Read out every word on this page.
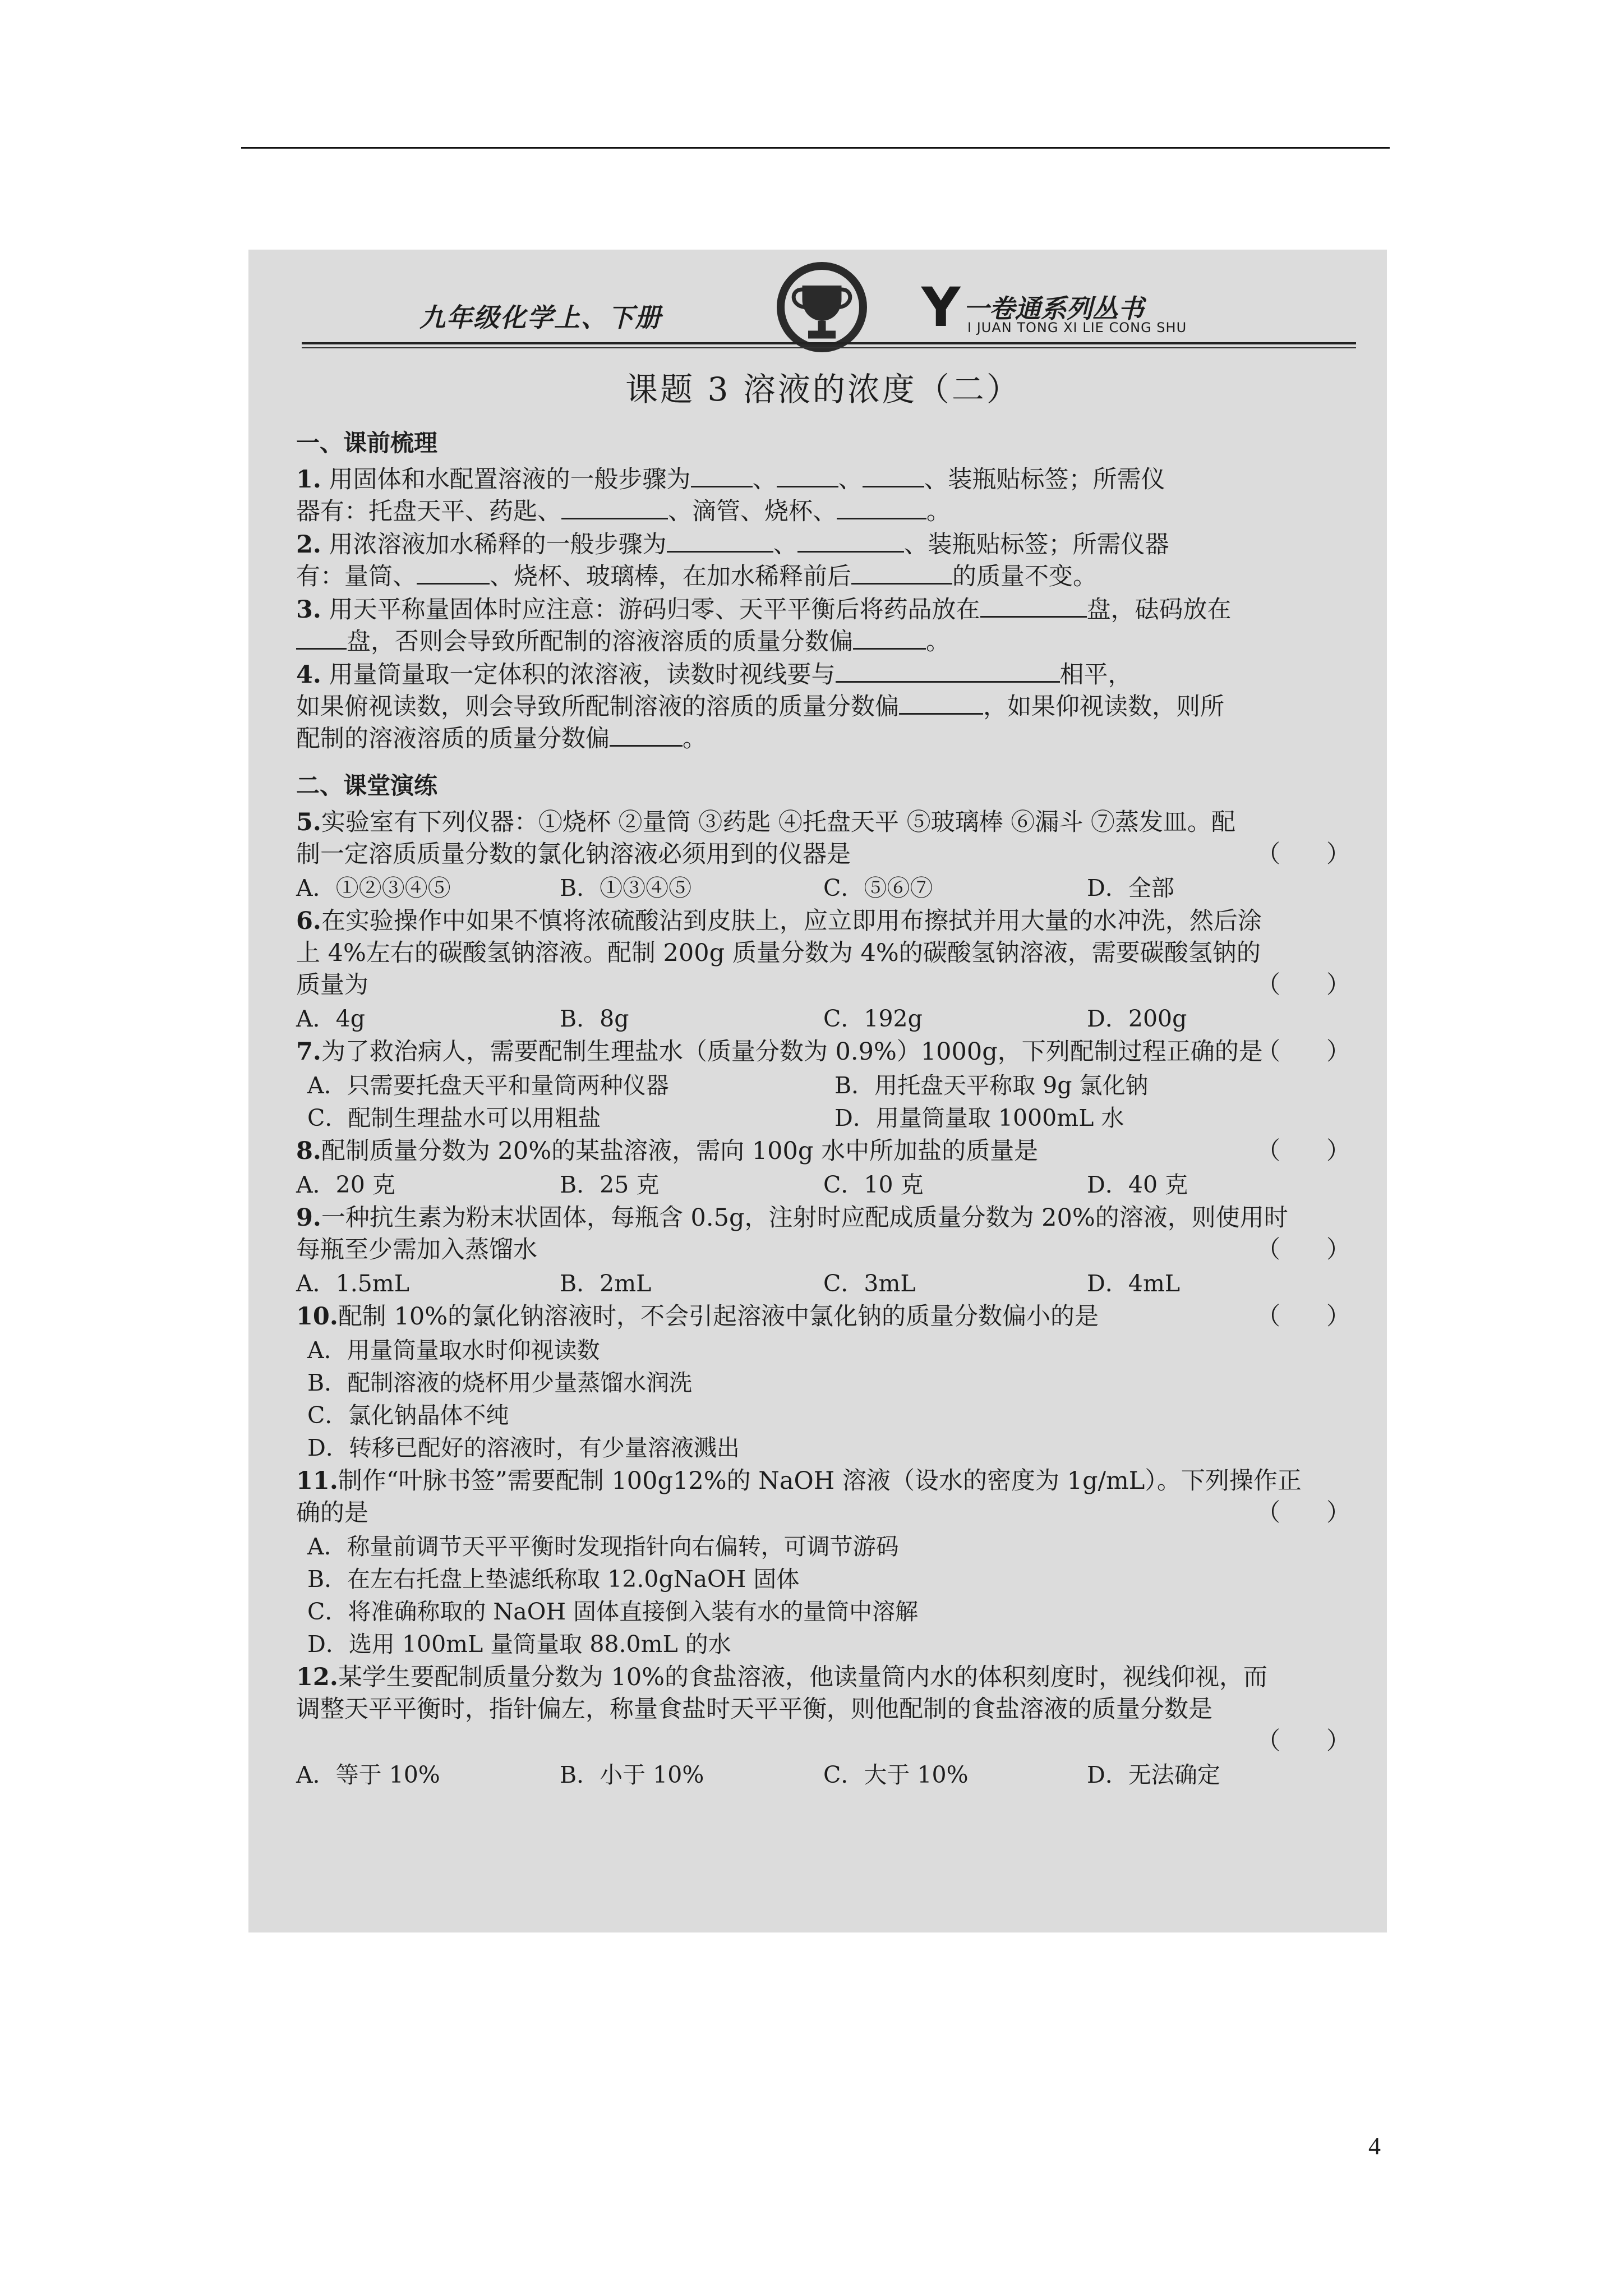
九年级化学上、下册	Y 一卷通系列丛书
I JUAN TONG XI LIE CONG SHU
课题 3 溶液的浓度（二）
一、课前梳理
1. 用固体和水配置溶液的一般步骤为	、	、	、装瓶贴标签；所需仪
器有：托盘天平、药匙、	、滴管、烧杯、	。
2. 用浓溶液加水稀释的一般步骤为	、	、装瓶贴标签；所需仪器
有：量筒、	、烧杯、玻璃棒，在加水稀释前后	的质量不变。
3. 用天平称量固体时应注意：游码归零、天平平衡后将药品放在	盘，砝码放在
盘，否则会导致所配制的溶液溶质的质量分数偏	。
4. 用量筒量取一定体积的浓溶液，读数时视线要与	相平，
如果俯视读数，则会导致所配制溶液的溶质的质量分数偏	，如果仰视读数，则所
配制的溶液溶质的质量分数偏	。
二、课堂演练
5.实验室有下列仪器：①烧杯 ②量筒 ③药匙 ④托盘天平 ⑤玻璃棒 ⑥漏斗 ⑦蒸发皿。配
制一定溶质质量分数的氯化钠溶液必须用到的仪器是	（      ）
A．①②③④⑤	B．①③④⑤	C．⑤⑥⑦	D．全部
6.在实验操作中如果不慎将浓硫酸沾到皮肤上，应立即用布擦拭并用大量的水冲洗，然后涂
上 4%左右的碳酸氢钠溶液。配制 200g 质量分数为 4%的碳酸氢钠溶液，需要碳酸氢钠的
质量为	（      ）
A．4g	B．8g	C．192g	D．200g
7.为了救治病人，需要配制生理盐水（质量分数为 0.9%）1000g，下列配制过程正确的是
（      ）
A．只需要托盘天平和量筒两种仪器	B．用托盘天平称取 9g 氯化钠
C．配制生理盐水可以用粗盐	D．用量筒量取 1000mL 水
8.配制质量分数为 20%的某盐溶液，需向 100g 水中所加盐的质量是	（      ）
A．20 克	B．25 克	C．10 克	D．40 克
9.一种抗生素为粉末状固体，每瓶含 0.5g，注射时应配成质量分数为 20%的溶液，则使用时
每瓶至少需加入蒸馏水	（      ）
A．1.5mL	B．2mL	C．3mL	D．4mL
10.配制 10%的氯化钠溶液时，不会引起溶液中氯化钠的质量分数偏小的是	（      ）
A．用量筒量取水时仰视读数
B．配制溶液的烧杯用少量蒸馏水润洗
C．氯化钠晶体不纯
D．转移已配好的溶液时，有少量溶液溅出
11.制作“叶脉书签”需要配制 100g12%的 NaOH 溶液（设水的密度为 1g/mL）。下列操作正
确的是	（      ）
A．称量前调节天平平衡时发现指针向右偏转，可调节游码
B．在左右托盘上垫滤纸称取 12.0gNaOH 固体
C．将准确称取的 NaOH 固体直接倒入装有水的量筒中溶解
D．选用 100mL 量筒量取 88.0mL 的水
12.某学生要配制质量分数为 10%的食盐溶液，他读量筒内水的体积刻度时，视线仰视，而
调整天平平衡时，指针偏左，称量食盐时天平平衡，则他配制的食盐溶液的质量分数是

（      ）

A．等于 10%	B．小于 10%	C．大于 10%	D．无法确定
4
